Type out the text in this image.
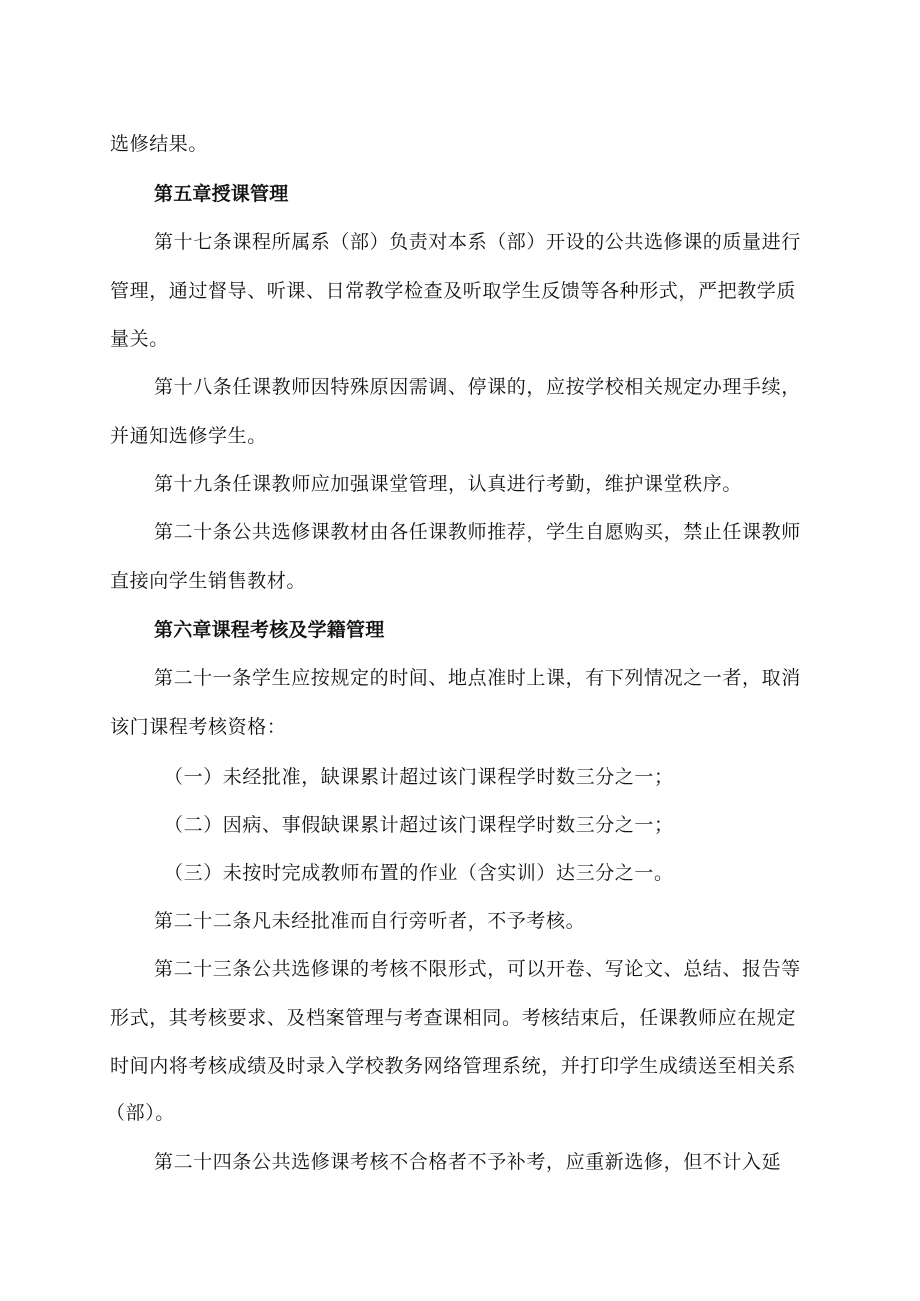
选修结果。
第五章授课管理
第十七条课程所属系（部）负责对本系（部）开设的公共选修课的质量进行
管理，通过督导、听课、日常教学检查及听取学生反馈等各种形式，严把教学质
量关。
第十八条任课教师因特殊原因需调、停课的，应按学校相关规定办理手续，
并通知选修学生。
第十九条任课教师应加强课堂管理，认真进行考勤，维护课堂秩序。
第二十条公共选修课教材由各任课教师推荐，学生自愿购买，禁止任课教师
直接向学生销售教材。
第六章课程考核及学籍管理
第二十一条学生应按规定的时间、地点准时上课，有下列情况之一者，取消
该门课程考核资格：
（一）未经批准，缺课累计超过该门课程学时数三分之一；
（二）因病、事假缺课累计超过该门课程学时数三分之一；
（三）未按时完成教师布置的作业（含实训）达三分之一。
第二十二条凡未经批准而自行旁听者，不予考核。
第二十三条公共选修课的考核不限形式，可以开卷、写论文、总结、报告等
形式，其考核要求、及档案管理与考查课相同。考核结束后，任课教师应在规定
时间内将考核成绩及时录入学校教务网络管理系统，并打印学生成绩送至相关系
（部）。
第二十四条公共选修课考核不合格者不予补考，应重新选修，但不计入延
